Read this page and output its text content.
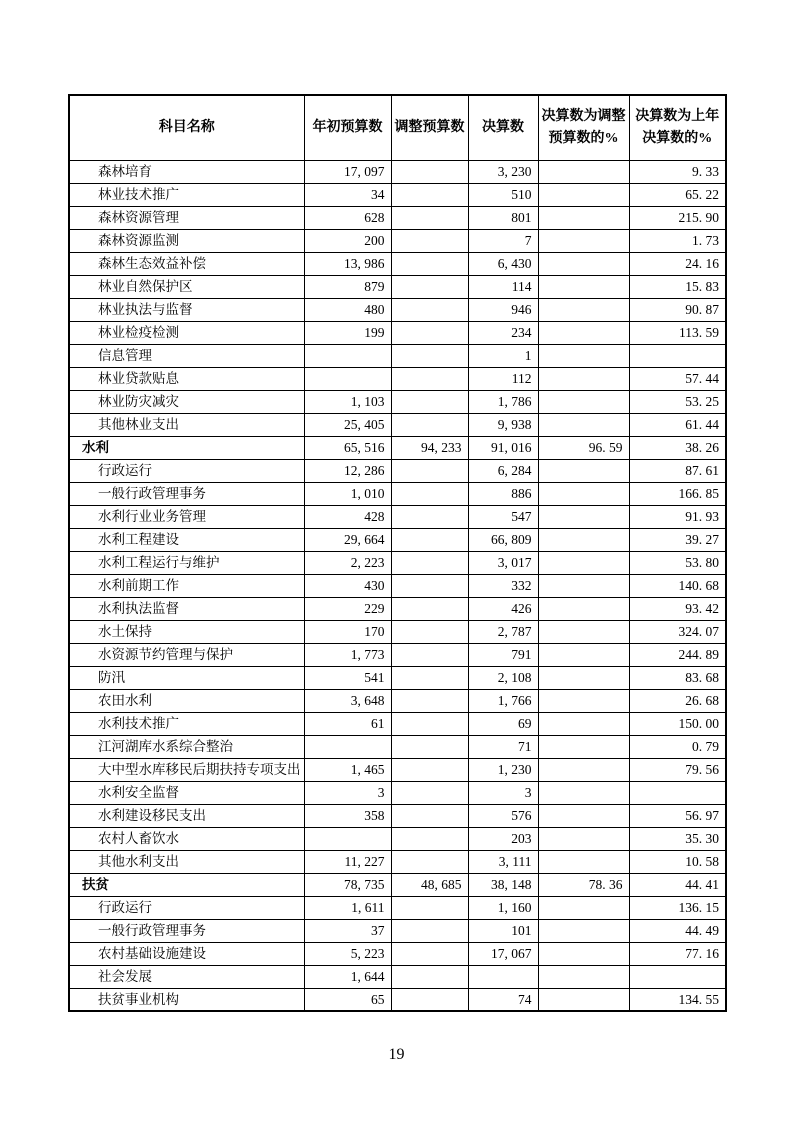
科目名称	年初预算数	调整预算数	决算数	决算数为调整预算数的%	决算数为上年决算数的%
森林培育	17, 097		3, 230		9. 33
林业技术推广	34		510		65. 22
森林资源管理	628		801		215. 90
森林资源监测	200		7		1. 73
森林生态效益补偿	13, 986		6, 430		24. 16
林业自然保护区	879		114		15. 83
林业执法与监督	480		946		90. 87
林业检疫检测	199		234		113. 59
信息管理			1		
林业贷款贴息			112		57. 44
林业防灾减灾	1, 103		1, 786		53. 25
其他林业支出	25, 405		9, 938		61. 44
水利	65, 516	94, 233	91, 016	96. 59	38. 26
行政运行	12, 286		6, 284		87. 61
一般行政管理事务	1, 010		886		166. 85
水利行业业务管理	428		547		91. 93
水利工程建设	29, 664		66, 809		39. 27
水利工程运行与维护	2, 223		3, 017		53. 80
水利前期工作	430		332		140. 68
水利执法监督	229		426		93. 42
水土保持	170		2, 787		324. 07
水资源节约管理与保护	1, 773		791		244. 89
防汛	541		2, 108		83. 68
农田水利	3, 648		1, 766		26. 68
水利技术推广	61		69		150. 00
江河湖库水系综合整治			71		0. 79
大中型水库移民后期扶持专项支出	1, 465		1, 230		79. 56
水利安全监督	3		3		
水利建设移民支出	358		576		56. 97
农村人畜饮水			203		35. 30
其他水利支出	11, 227		3, 111		10. 58
扶贫	78, 735	48, 685	38, 148	78. 36	44. 41
行政运行	1, 611		1, 160		136. 15
一般行政管理事务	37		101		44. 49
农村基础设施建设	5, 223		17, 067		77. 16
社会发展	1, 644				
扶贫事业机构	65		74		134. 55
19
